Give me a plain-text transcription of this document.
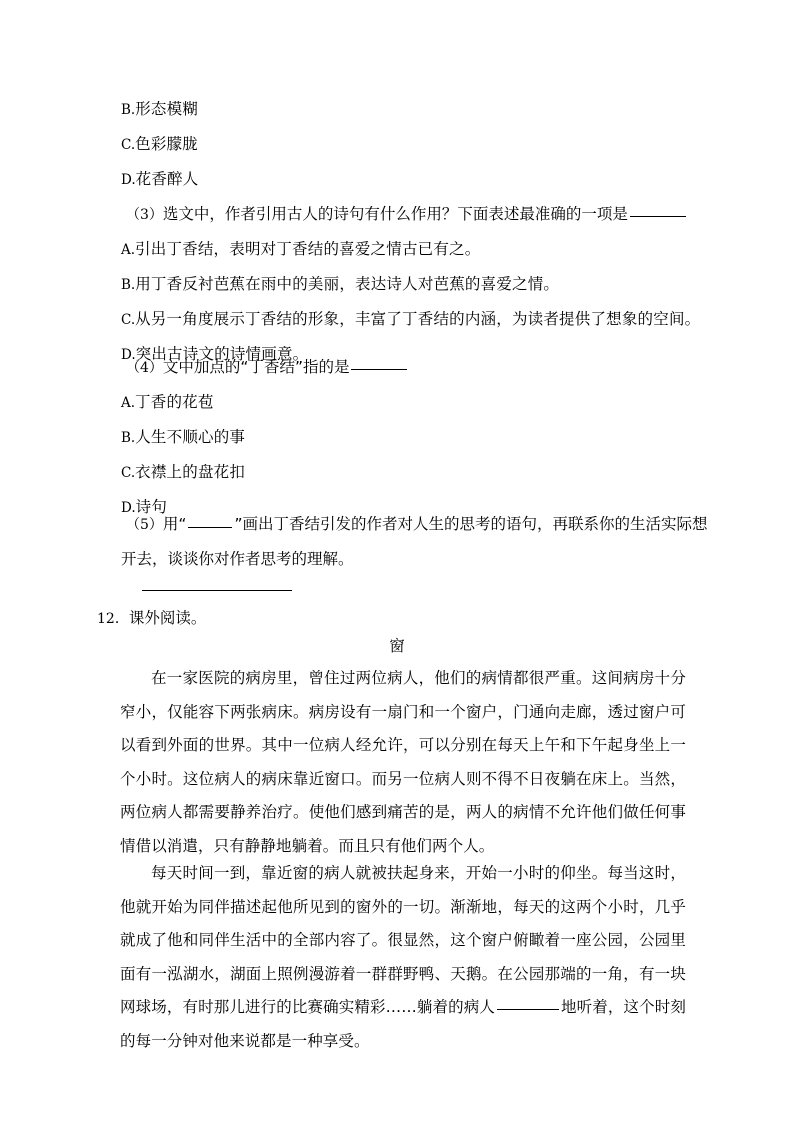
B.形态模糊
C.色彩朦胧
D.花香醉人
（3）选文中，作者引用古人的诗句有什么作用？下面表述最准确的一项是
A.引出丁香结，表明对丁香结的喜爱之情古已有之。
B.用丁香反衬芭蕉在雨中的美丽，表达诗人对芭蕉的喜爱之情。
C.从另一角度展示丁香结的形象，丰富了丁香结的内涵，为读者提供了想象的空间。
D.突出古诗文的诗情画意。
（4）文中加点的“丁香结”指的是
A.丁香的花苞
B.人生不顺心的事
C.衣襟上的盘花扣
D.诗句
（5）用“	”画出丁香结引发的作者对人生的思考的语句，再联系你的生活实际想
开去，谈谈你对作者思考的理解。
12．课外阅读。
窗
在一家医院的病房里，曾住过两位病人，他们的病情都很严重。这间病房十分窄小，仅能容下两张病床。病房设有一扇门和一个窗户，门通向走廊，透过窗户可以看到外面的世界。其中一位病人经允许，可以分别在每天上午和下午起身坐上一个小时。这位病人的病床靠近窗口。而另一位病人则不得不日夜躺在床上。当然，两位病人都需要静养治疗。使他们感到痛苦的是，两人的病情不允许他们做任何事情借以消遣，只有静静地躺着。而且只有他们两个人。
每天时间一到，靠近窗的病人就被扶起身来，开始一小时的仰坐。每当这时，他就开始为同伴描述起他所见到的窗外的一切。渐渐地，每天的这两个小时，几乎就成了他和同伴生活中的全部内容了。很显然，这个窗户俯瞰着一座公园，公园里面有一泓湖水，湖面上照例漫游着一群群野鸭、天鹅。在公园那端的一角，有一块网球场，有时那儿进行的比赛确实精彩……躺着的病人	地听着，这个时刻的每一分钟对他来说都是一种享受。
